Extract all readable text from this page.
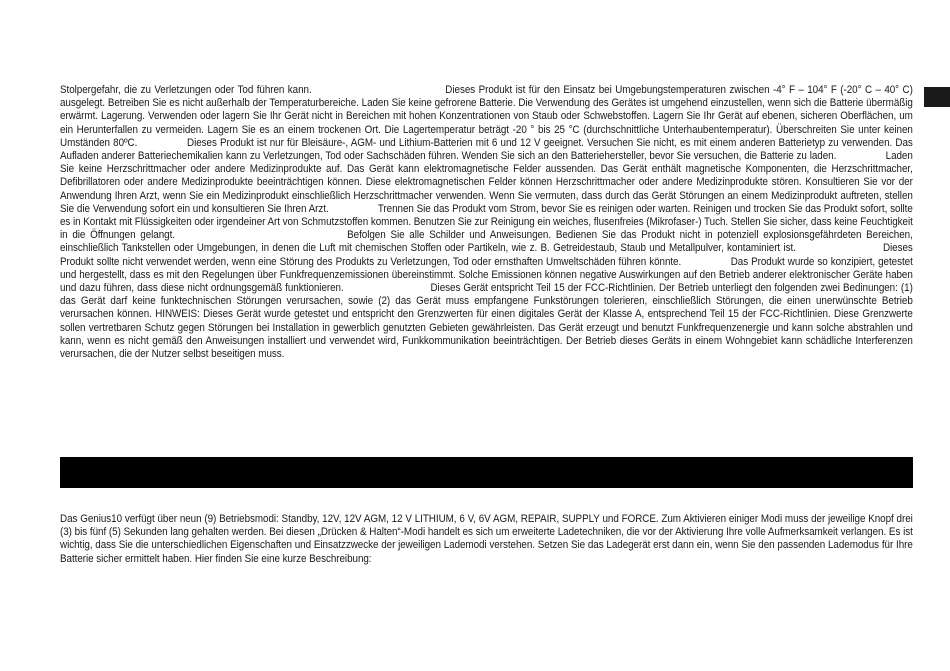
Stolpergefahr, die zu Verletzungen oder Tod führen kann.	Dieses Produkt ist für den Einsatz bei Umgebungstemperaturen zwischen -4° F – 104° F (-20° C – 40° C) ausgelegt. Betreiben Sie es nicht außerhalb der Temperaturbereiche. Laden Sie keine gefrorene Batterie. Die Verwendung des Gerätes ist umgehend einzustellen, wenn sich die Batterie übermäßig erwärmt. Lagerung. Verwenden oder lagern Sie Ihr Gerät nicht in Bereichen mit hohen Konzentrationen von Staub oder Schwebstoffen. Lagern Sie Ihr Gerät auf ebenen, sicheren Oberflächen, um ein Herunterfallen zu vermeiden. Lagern Sie es an einem trockenen Ort. Die Lagertemperatur beträgt -20 ° bis 25 °C (durchschnittliche Unterhaubentemperatur). Überschreiten Sie unter keinen Umständen 80ºC.	Dieses Produkt ist nur für Bleisäure-, AGM- und Lithium-Batterien mit 6 und 12 V geeignet. Versuchen Sie nicht, es mit einem anderen Batterietyp zu verwenden. Das Aufladen anderer Batteriechemikalien kann zu Verletzungen, Tod oder Sachschäden führen. Wenden Sie sich an den Batteriehersteller, bevor Sie versuchen, die Batterie zu laden.	Laden Sie keine Herzschrittmacher oder andere Medizinprodukte auf. Das Gerät kann elektromagnetische Felder aussenden. Das Gerät enthält magnetische Komponenten, die Herzschrittmacher, Defibrillatoren oder andere Medizinprodukte beeinträchtigen können. Diese elektromagnetischen Felder können Herzschrittmacher oder andere Medizinprodukte stören. Konsultieren Sie vor der Anwendung Ihren Arzt, wenn Sie ein Medizinprodukt einschließlich Herzschrittmacher verwenden. Wenn Sie vermuten, dass durch das Gerät Störungen an einem Medizinprodukt auftreten, stellen Sie die Verwendung sofort ein und konsultieren Sie Ihren Arzt.	Trennen Sie das Produkt vom Strom, bevor Sie es reinigen oder warten. Reinigen und trocken Sie das Produkt sofort, sollte es in Kontakt mit Flüssigkeiten oder irgendeiner Art von Schmutzstoffen kommen. Benutzen Sie zur Reinigung ein weiches, flusenfreies (Mikrofaser-) Tuch. Stellen Sie sicher, dass keine Feuchtigkeit in die Öffnungen gelangt.	Befolgen Sie alle Schilder und Anweisungen. Bedienen Sie das Produkt nicht in potenziell explosionsgefährdeten Bereichen, einschließlich Tankstellen oder Umgebungen, in denen die Luft mit chemischen Stoffen oder Partikeln, wie z. B. Getreidestaub, Staub und Metallpulver, kontaminiert ist.	Dieses Produkt sollte nicht verwendet werden, wenn eine Störung des Produkts zu Verletzungen, Tod oder ernsthaften Umweltschäden führen könnte.	Das Produkt wurde so konzipiert, getestet und hergestellt, dass es mit den Regelungen über Funkfrequenzemissionen übereinstimmt. Solche Emissionen können negative Auswirkungen auf den Betrieb anderer elektronischer Geräte haben und dazu führen, dass diese nicht ordnungsgemäß funktionieren.	Dieses Gerät entspricht Teil 15 der FCC-Richtlinien. Der Betrieb unterliegt den folgenden zwei Bedinungen: (1) das Gerät darf keine funktechnischen Störungen verursachen, sowie (2) das Gerät muss empfangene Funkstörungen tolerieren, einschließlich Störungen, die einen unerwünschte Betrieb verursachen können. HINWEIS: Dieses Gerät wurde getestet und entspricht den Grenzwerten für einen digitales Gerät der Klasse A, entsprechend Teil 15 der FCC-Richtlinien. Diese Grenzwerte sollen vertretbaren Schutz gegen Störungen bei Installation in gewerblich genutzten Gebieten gewährleisten. Das Gerät erzeugt und benutzt Funkfrequenzenergie und kann solche abstrahlen und kann, wenn es nicht gemäß den Anweisungen installiert und verwendet wird, Funkkommunikation beeinträchtigen. Der Betrieb dieses Geräts in einem Wohngebiet kann schädliche Interferenzen verursachen, die der Nutzer selbst beseitigen muss.
Das Genius10 verfügt über neun (9) Betriebsmodi: Standby, 12V, 12V AGM, 12 V LITHIUM, 6 V, 6V AGM, REPAIR, SUPPLY und FORCE. Zum Aktivieren einiger Modi muss der jeweilige Knopf drei (3) bis fünf (5) Sekunden lang gehalten werden. Bei diesen „Drücken & Halten“-Modi handelt es sich um erweiterte Ladetechniken, die vor der Aktivierung Ihre volle Aufmerksamkeit verlangen. Es ist wichtig, dass Sie die unterschiedlichen Eigenschaften und Einsatzzwecke der jeweiligen Lademodi verstehen. Setzen Sie das Ladegerät erst dann ein, wenn Sie den passenden Lademodus für Ihre Batterie sicher ermittelt haben. Hier finden Sie eine kurze Beschreibung:
